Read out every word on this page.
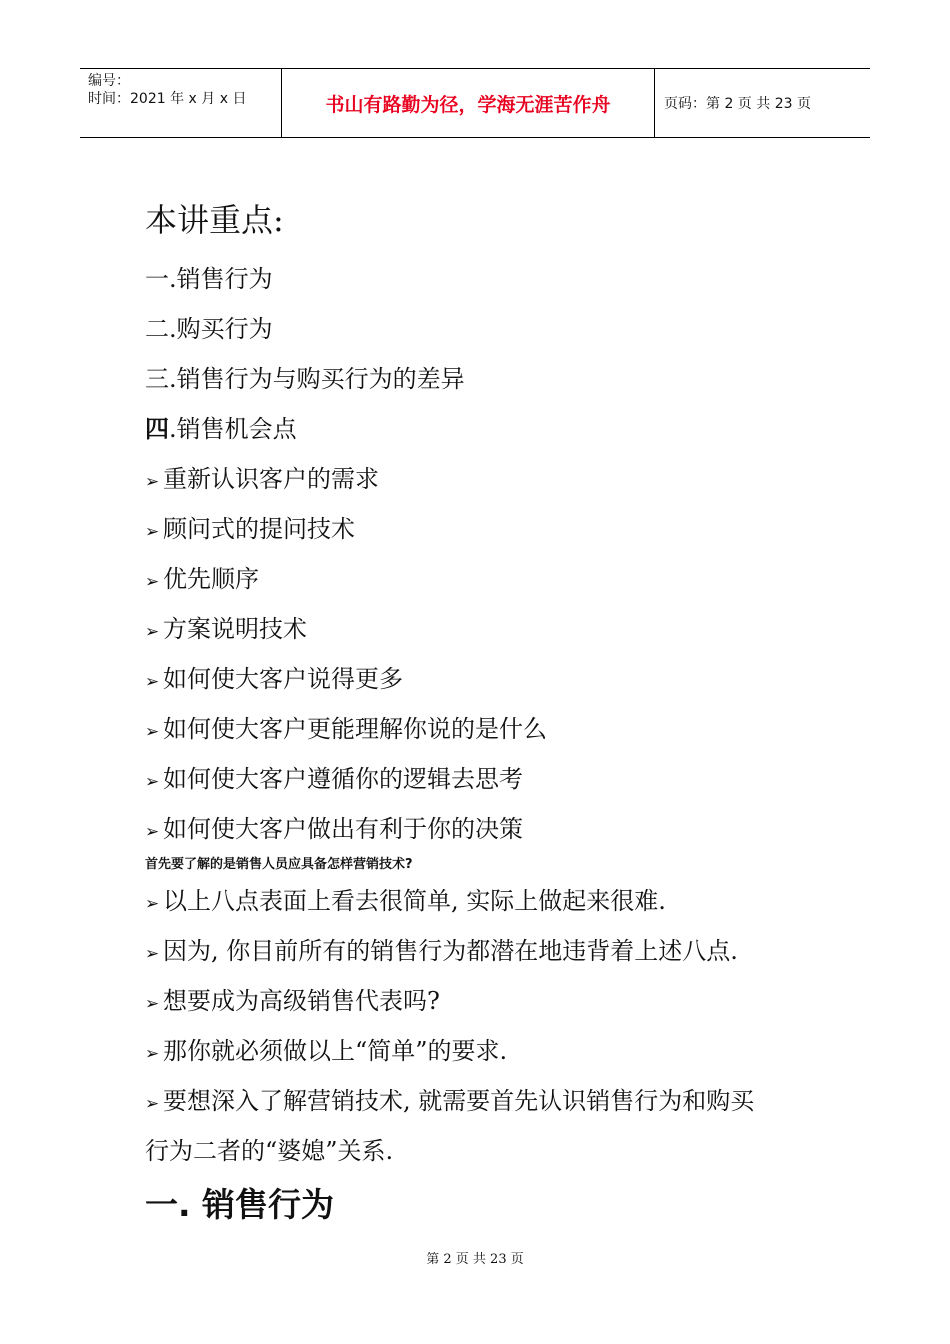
编号：
时间：2021 年 x 月 x 日	书山有路勤为径，学海无涯苦作舟	页码：第 2 页 共 23 页
本讲重点:
一.销售行为
二.购买行为
三.销售行为与购买行为的差异
四.销售机会点
➢ 重新认识客户的需求
➢ 顾问式的提问技术
➢ 优先顺序
➢ 方案说明技术
➢ 如何使大客户说得更多
➢ 如何使大客户更能理解你说的是什么
➢ 如何使大客户遵循你的逻辑去思考
➢ 如何使大客户做出有利于你的决策
首先要了解的是销售人员应具备怎样营销技术?
➢ 以上八点表面上看去很简单, 实际上做起来很难.
➢ 因为, 你目前所有的销售行为都潜在地违背着上述八点.
➢ 想要成为高级销售代表吗?
➢ 那你就必须做以上“简单”的要求.
➢ 要想深入了解营销技术, 就需要首先认识销售行为和购买
行为二者的“婆媳”关系.
一. 销售行为
第 2 页 共 23 页
